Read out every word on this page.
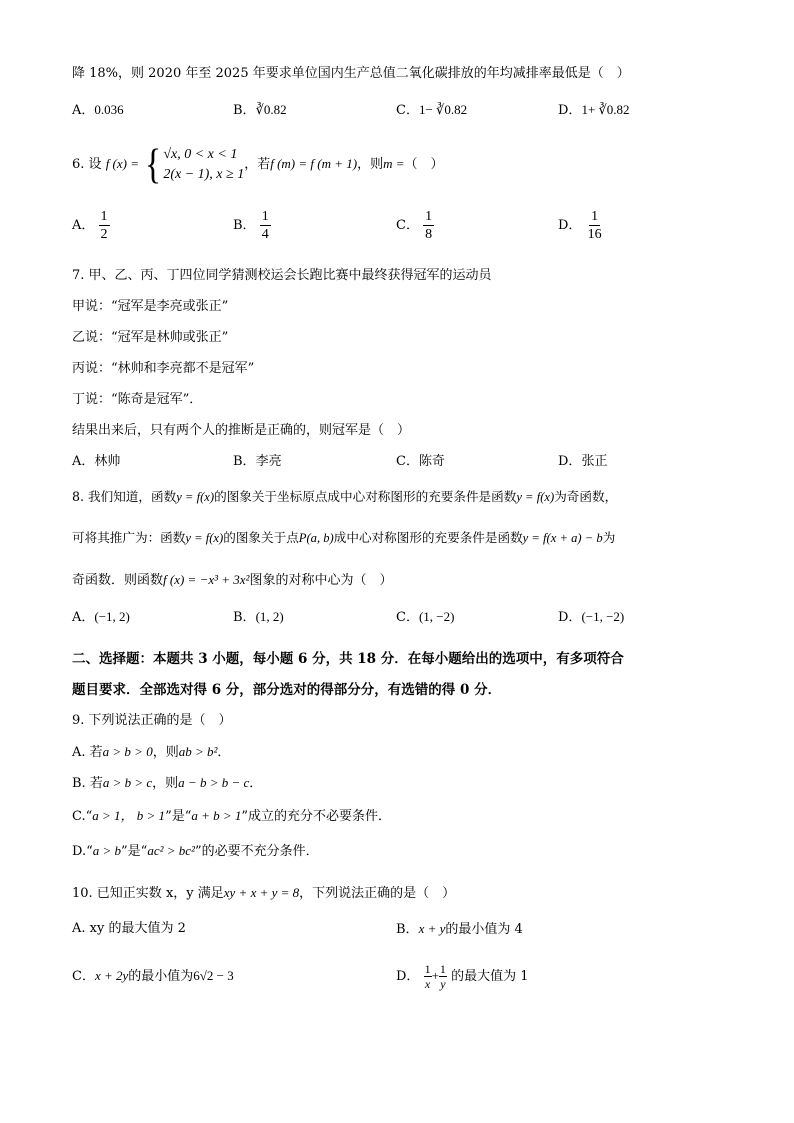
降 18%，则 2020 年至 2025 年要求单位国内生产总值二氧化碳排放的年均减排率最低是（　）
A．0.036	B．∛0.82	C．1− ∛0.82	D．1+ ∛0.82
6. 设 f (x) = { √x, 0 < x < 1
2(x − 1), x ≥ 1
，若f (m) = f (m + 1)，则m =（　）
A． $\frac{1}{2}$	B． $\frac{1}{4}$	C． $\frac{1}{8}$	D． $\frac{1}{16}$
7. 甲、乙、丙、丁四位同学猜测校运会长跑比赛中最终获得冠军的运动员
甲说：“冠军是李亮或张正”
乙说：“冠军是林帅或张正”
丙说：“林帅和李亮都不是冠军”
丁说：“陈奇是冠军”．
结果出来后，只有两个人的推断是正确的，则冠军是（　）
A．林帅	B．李亮	C．陈奇	D．张正
8. 我们知道，函数y = f(x)的图象关于坐标原点成中心对称图形的充要条件是函数y = f(x)为奇函数，
可将其推广为：函数y = f(x)的图象关于点P(a, b)成中心对称图形的充要条件是函数y = f(x + a) − b为
奇函数．则函数f (x) = −x³ + 3x²图象的对称中心为（　）
A．(−1, 2)	B．(1, 2)	C．(1, −2)	D．(−1, −2)
二、选择题：本题共 3 小题，每小题 6 分，共 18 分．在每小题给出的选项中，有多项符合
题目要求．全部选对得 6 分，部分选对的得部分分，有选错的得 0 分．
9. 下列说法正确的是（　）
A. 若a > b > 0，则ab > b²．
B. 若a > b > c，则a − b > b − c．
C.“a > 1， b > 1”是“a + b > 1”成立的充分不必要条件．
D.“a > b”是“ac² > bc²”的必要不充分条件．
10. 已知正实数 x，y 满足xy + x + y = 8，下列说法正确的是（　）
A. xy 的最大值为 2	B．x + y的最小值为 4
C．x + 2y的最小值为6√2 − 3	D． $\frac{1}{x} + \frac{1}{y}$ 的最大值为 1
